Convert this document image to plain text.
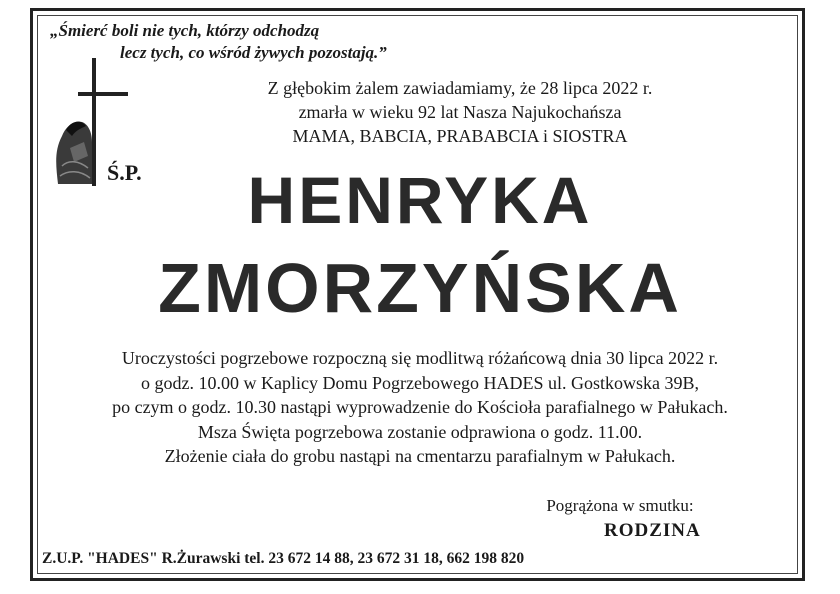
„Śmierć boli nie tych, którzy odchodzą
lecz tych, co wśród żywych pozostają.”
Ś.P.
Z głębokim żalem zawiadamiamy, że 28 lipca 2022 r.
zmarła w wieku 92 lat Nasza Najukochańsza
MAMA, BABCIA, PRABABCIA i SIOSTRA
HENRYKA
ZMORZYŃSKA
Uroczystości pogrzebowe rozpoczną się modlitwą różańcową dnia 30 lipca 2022 r.
o godz. 10.00 w Kaplicy Domu Pogrzebowego HADES ul. Gostkowska 39B,
po czym o godz. 10.30 nastąpi wyprowadzenie do Kościoła parafialnego w Pałukach.
Msza Święta pogrzebowa zostanie odprawiona o godz. 11.00.
Złożenie ciała do grobu nastąpi na cmentarzu parafialnym w Pałukach.
Pogrążona w smutku:
RODZINA
Z.U.P. "HADES" R.Żurawski tel. 23 672 14 88, 23 672 31 18, 662 198 820
